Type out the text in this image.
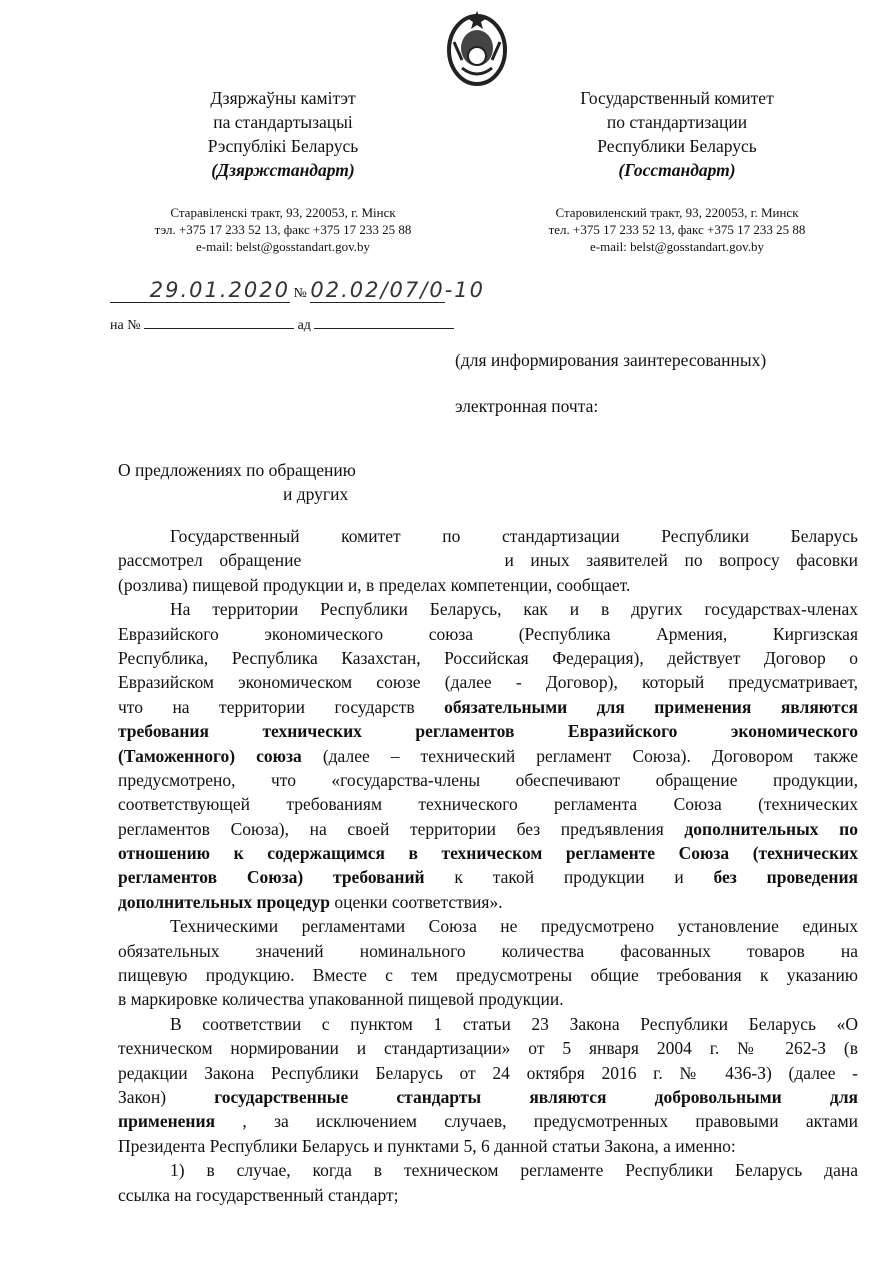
Дзяржаўны камітэт
па стандартызацыі
Рэспублікі Беларусь
(Дзяржстандарт)
Государственный комитет
по стандартизации
Республики Беларусь
(Госстандарт)
Старавіленскі тракт, 93, 220053, г. Мінск
тэл. +375 17 233 52 13, факс +375 17 233 25 88
e-mail: belst@gosstandart.gov.by
Старовиленский тракт, 93, 220053, г. Минск
тел. +375 17 233 52 13, факс +375 17 233 25 88
e-mail: belst@gosstandart.gov.by
29.01.2020 № 02.02/07/0-10
на №	ад
(для информирования заинтересованных)
электронная почта:
О предложениях по обращению
и других
Государственный комитет по стандартизации Республики Беларусь
рассмотрел обращение	и иных заявителей по вопросу фасовки
(розлива) пищевой продукции и, в пределах компетенции, сообщает.
На территории Республики Беларусь, как и в других государствах-членах
Евразийского экономического союза (Республика Армения, Киргизская
Республика, Республика Казахстан, Российская Федерация), действует Договор о
Евразийском экономическом союзе (далее - Договор), который предусматривает,
что на территории государств обязательными для применения являются
требования технических регламентов Евразийского экономического
(Таможенного) союза (далее – технический регламент Союза). Договором также
предусмотрено, что «государства-члены обеспечивают обращение продукции,
соответствующей требованиям технического регламента Союза (технических
регламентов Союза), на своей территории без предъявления дополнительных по
отношению к содержащимся в техническом регламенте Союза (технических
регламентов Союза) требований к такой продукции и без проведения
дополнительных процедур оценки соответствия».
Техническими регламентами Союза не предусмотрено установление единых
обязательных значений номинального количества фасованных товаров на
пищевую продукцию. Вместе с тем предусмотрены общие требования к указанию
в маркировке количества упакованной пищевой продукции.
В соответствии с пунктом 1 статьи 23 Закона Республики Беларусь «О
техническом нормировании и стандартизации» от 5 января 2004 г. № 262-З (в
редакции Закона Республики Беларусь от 24 октября 2016 г. № 436-З) (далее -
Закон) государственные стандарты являются добровольными для
применения , за исключением случаев, предусмотренных правовыми актами
Президента Республики Беларусь и пунктами 5, 6 данной статьи Закона, а именно:
1) в случае, когда в техническом регламенте Республики Беларусь дана
ссылка на государственный стандарт;
